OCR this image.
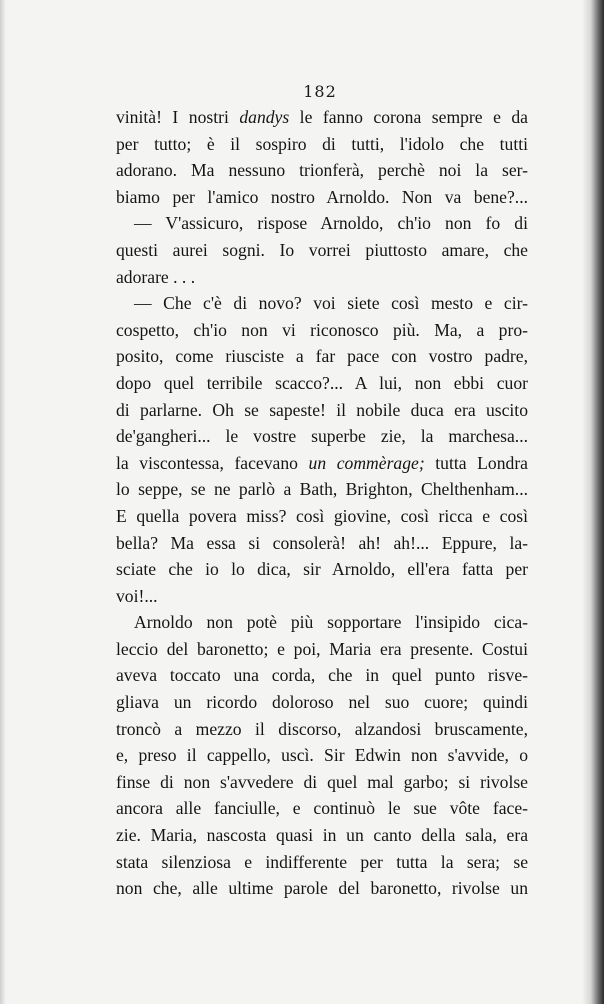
182
vinità! I nostri dandys le fanno corona sempre e da
per tutto; è il sospiro di tutti, l'idolo che tutti
adorano. Ma nessuno trionferà, perchè noi la ser-
biamo per l'amico nostro Arnoldo. Non va bene?...
— V'assicuro, rispose Arnoldo, ch'io non fo di
questi aurei sogni. Io vorrei piuttosto amare, che
adorare . . .
— Che c'è di novo? voi siete così mesto e cir-
cospetto, ch'io non vi riconosco più. Ma, a pro-
posito, come riusciste a far pace con vostro padre,
dopo quel terribile scacco?... A lui, non ebbi cuor
di parlarne. Oh se sapeste! il nobile duca era uscito
de'gangheri... le vostre superbe zie, la marchesa...
la viscontessa, facevano un commèrage; tutta Londra
lo seppe, se ne parlò a Bath, Brighton, Chelthenham...
E quella povera miss? così giovine, così ricca e così
bella? Ma essa si consolerà! ah! ah!... Eppure, la-
sciate che io lo dica, sir Arnoldo, ell'era fatta per
voi!...
Arnoldo non potè più sopportare l'insipido cica-
leccio del baronetto; e poi, Maria era presente. Costui
aveva toccato una corda, che in quel punto risve-
gliava un ricordo doloroso nel suo cuore; quindi
troncò a mezzo il discorso, alzandosi bruscamente,
e, preso il cappello, uscì. Sir Edwin non s'avvide, o
finse di non s'avvedere di quel mal garbo; si rivolse
ancora alle fanciulle, e continuò le sue vôte face-
zie. Maria, nascosta quasi in un canto della sala, era
stata silenziosa e indifferente per tutta la sera; se
non che, alle ultime parole del baronetto, rivolse un
